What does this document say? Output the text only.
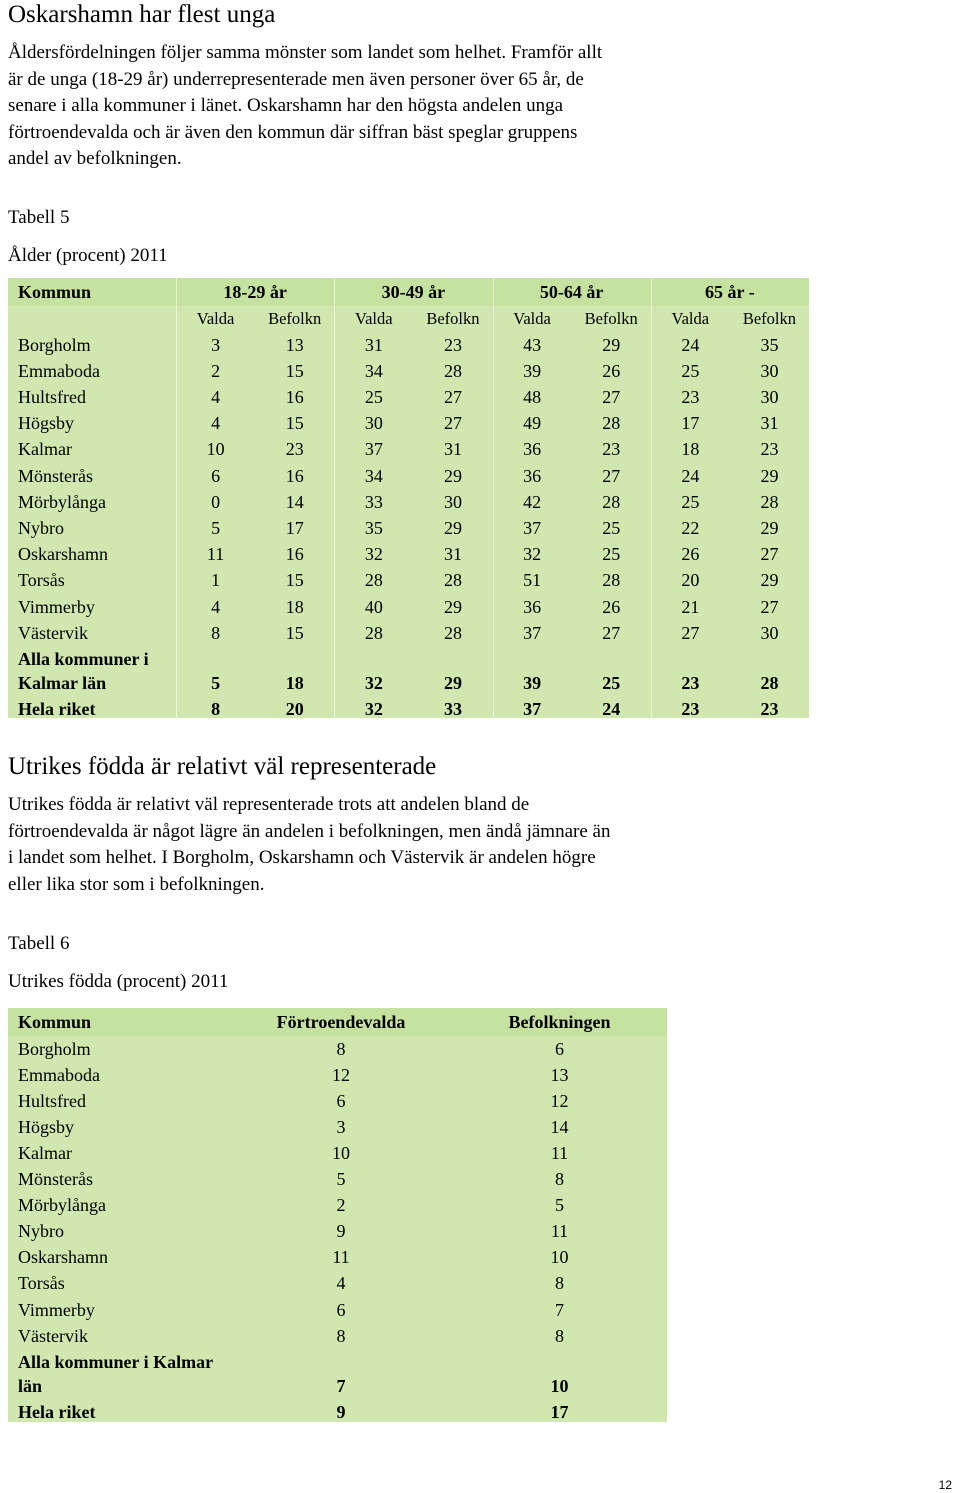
Oskarshamn har flest unga
Åldersfördelningen följer samma mönster som landet som helhet. Framför allt
är de unga (18-29 år) underrepresenterade men även personer över 65 år, de
senare i alla kommuner i länet. Oskarshamn har den högsta andelen unga
förtroendevalda och är även den kommun där siffran bäst speglar gruppens
andel av befolkningen.
Tabell 5
Ålder (procent) 2011
Kommun	18-29 år	30-49 år	50-64 år	65 år -
Valda	Befolkn	Valda	Befolkn	Valda	Befolkn	Valda	Befolkn
Borgholm	3	13	31	23	43	29	24	35
Emmaboda	2	15	34	28	39	26	25	30
Hultsfred	4	16	25	27	48	27	23	30
Högsby	4	15	30	27	49	28	17	31
Kalmar	10	23	37	31	36	23	18	23
Mönsterås	6	16	34	29	36	27	24	29
Mörbylånga	0	14	33	30	42	28	25	28
Nybro	5	17	35	29	37	25	22	29
Oskarshamn	11	16	32	31	32	25	26	27
Torsås	1	15	28	28	51	28	20	29
Vimmerby	4	18	40	29	36	26	21	27
Västervik	8	15	28	28	37	27	27	30
Alla kommuner i
Kalmar län	5	18	32	29	39	25	23	28
Hela riket	8	20	32	33	37	24	23	23
Utrikes födda är relativt väl representerade
Utrikes födda är relativt väl representerade trots att andelen bland de
förtroendevalda är något lägre än andelen i befolkningen, men ändå jämnare än
i landet som helhet. I Borgholm, Oskarshamn och Västervik är andelen högre
eller lika stor som i befolkningen.
Tabell 6
Utrikes födda (procent) 2011
Kommun	Förtroendevalda	Befolkningen
Borgholm	8	6
Emmaboda	12	13
Hultsfred	6	12
Högsby	3	14
Kalmar	10	11
Mönsterås	5	8
Mörbylånga	2	5
Nybro	9	11
Oskarshamn	11	10
Torsås	4	8
Vimmerby	6	7
Västervik	8	8
Alla kommuner i Kalmar
län	7	10
Hela riket	9	17
12
